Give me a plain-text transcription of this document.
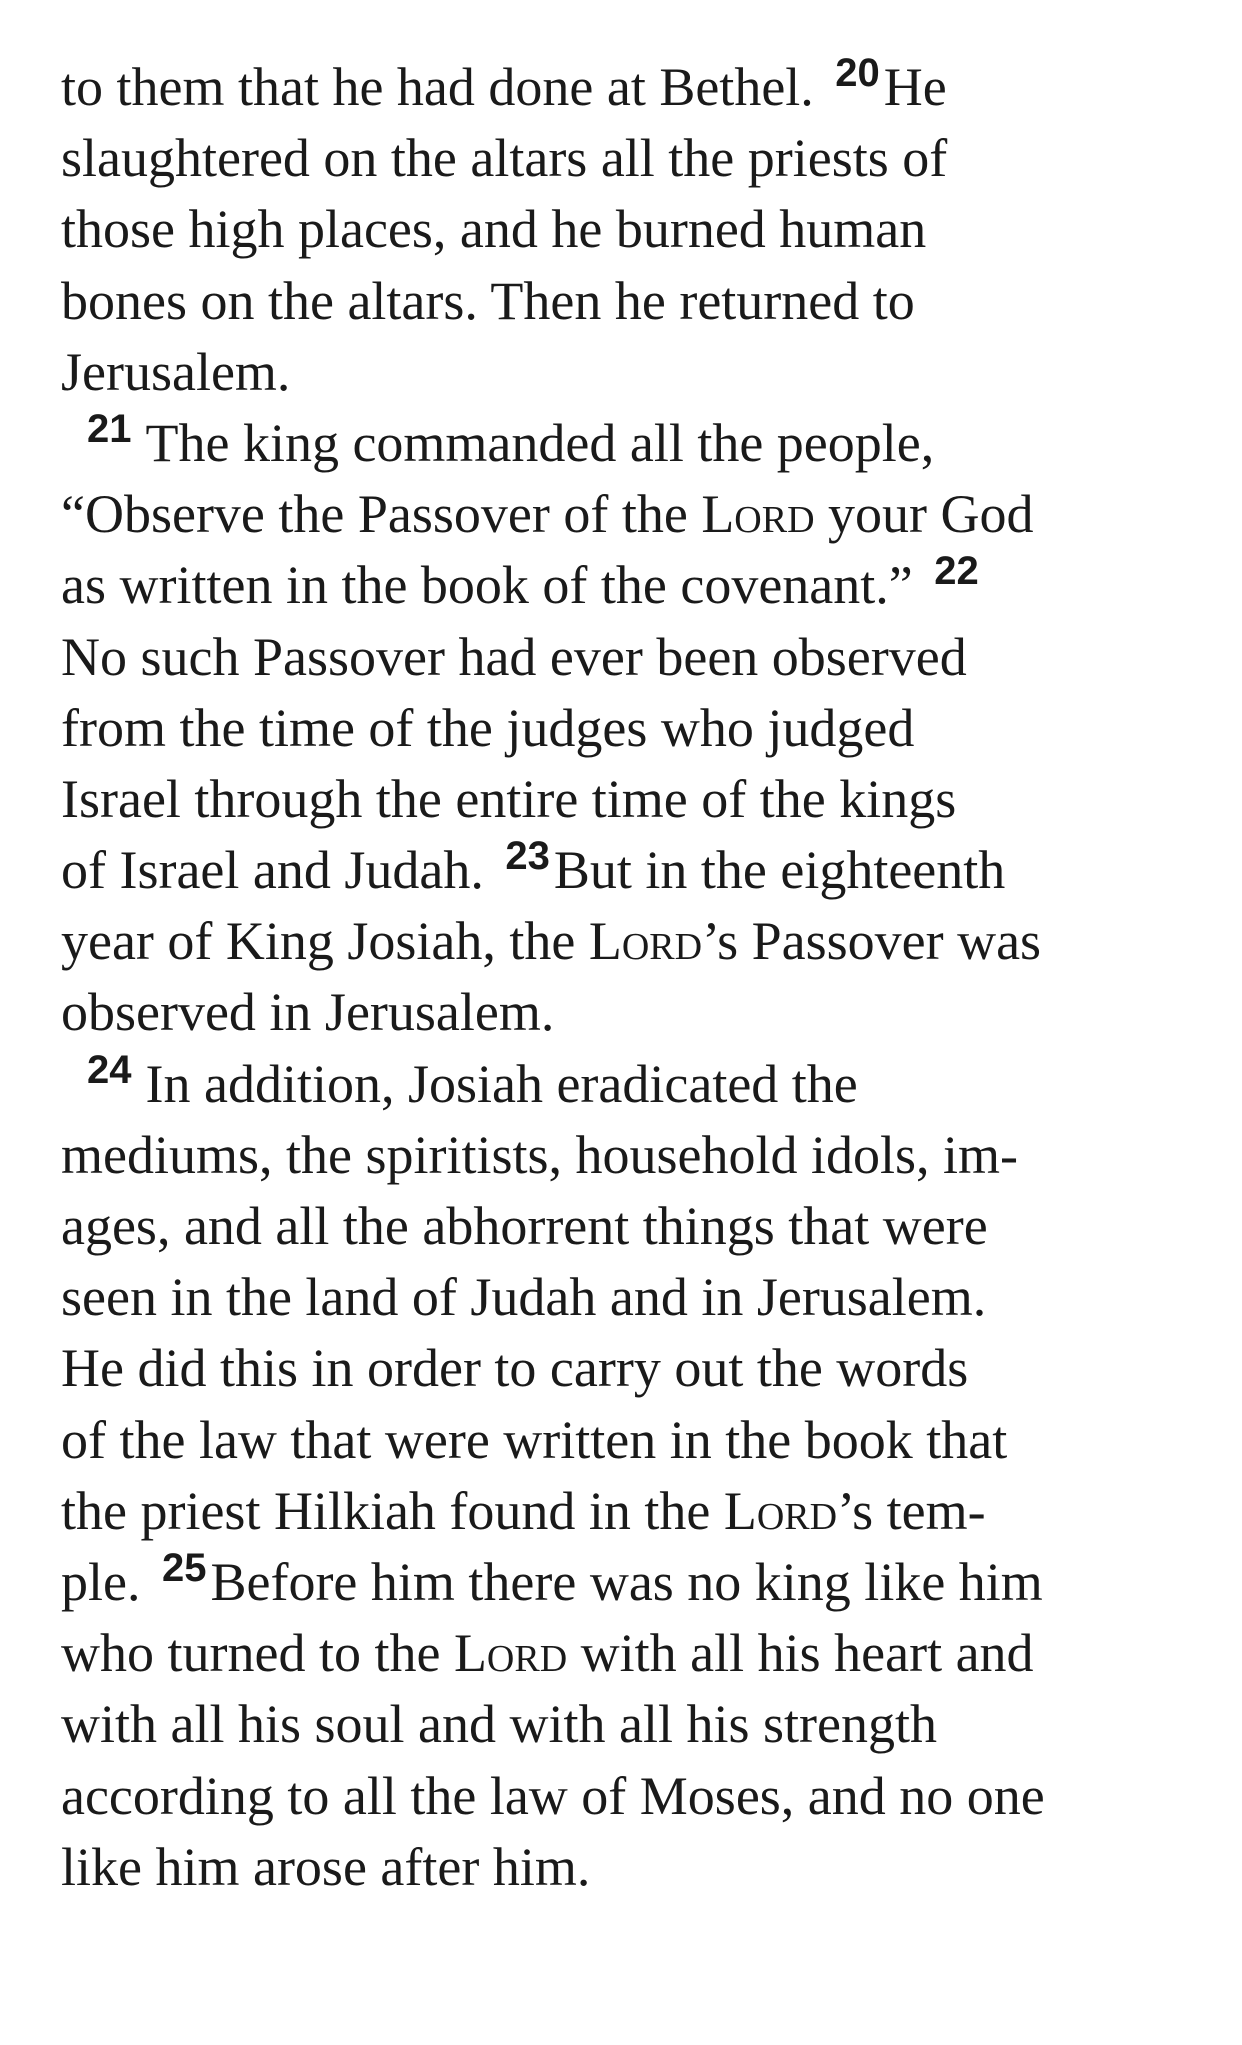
to them that he had done at Bethel. $^{20}$He
slaughtered on the altars all the priests of
those high places, and he burned human
bones on the altars. Then he returned to
Jerusalem.
$^{21}$ The king commanded all the people,
“Observe the Passover of the Lord your God
as written in the book of the covenant.” $^{22}$
No such Passover had ever been observed
from the time of the judges who judged
Israel through the entire time of the kings
of Israel and Judah. $^{23}$But in the eighteenth
year of King Josiah, the Lord’s Passover was
observed in Jerusalem.
$^{24}$ In addition, Josiah eradicated the
mediums, the spiritists, household idols, im-
ages, and all the abhorrent things that were
seen in the land of Judah and in Jerusalem.
He did this in order to carry out the words
of the law that were written in the book that
the priest Hilkiah found in the Lord’s tem-
ple. $^{25}$Before him there was no king like him
who turned to the Lord with all his heart and
with all his soul and with all his strength
according to all the law of Moses, and no one
like him arose after him.
